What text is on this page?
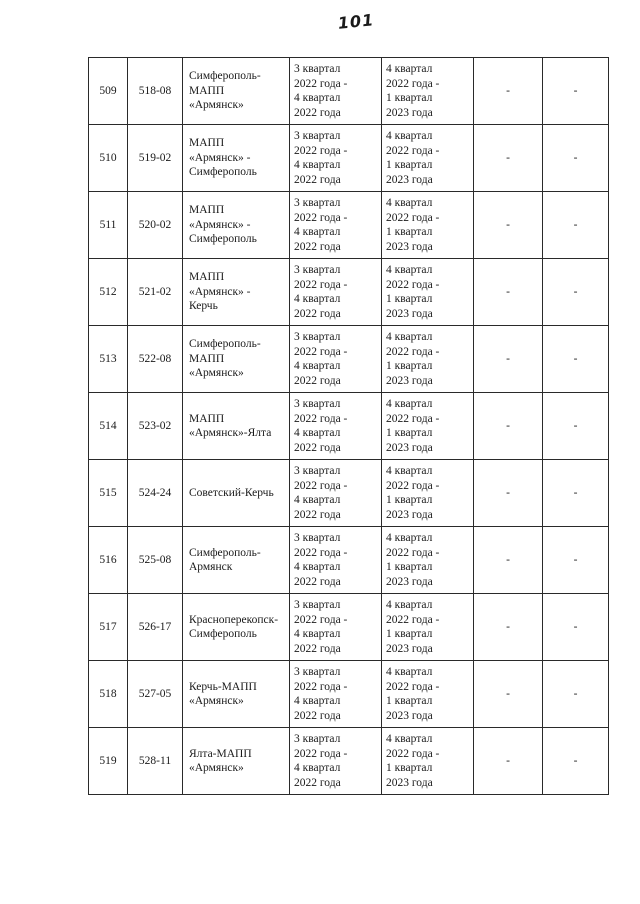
101
509	518-08	Симферополь-
МАПП
«Армянск»	3 квартал
2022 года -
4 квартал
2022 года	4 квартал
2022 года -
1 квартал
2023 года	-	-
510	519-02	МАПП
«Армянск» -
Симферополь	3 квартал
2022 года -
4 квартал
2022 года	4 квартал
2022 года -
1 квартал
2023 года	-	-
511	520-02	МАПП
«Армянск» -
Симферополь	3 квартал
2022 года -
4 квартал
2022 года	4 квартал
2022 года -
1 квартал
2023 года	-	-
512	521-02	МАПП
«Армянск» -
Керчь	3 квартал
2022 года -
4 квартал
2022 года	4 квартал
2022 года -
1 квартал
2023 года	-	-
513	522-08	Симферополь-
МАПП
«Армянск»	3 квартал
2022 года -
4 квартал
2022 года	4 квартал
2022 года -
1 квартал
2023 года	-	-
514	523-02	МАПП
«Армянск»-Ялта	3 квартал
2022 года -
4 квартал
2022 года	4 квартал
2022 года -
1 квартал
2023 года	-	-
515	524-24	Советский-Керчь	3 квартал
2022 года -
4 квартал
2022 года	4 квартал
2022 года -
1 квартал
2023 года	-	-
516	525-08	Симферополь-
Армянск	3 квартал
2022 года -
4 квартал
2022 года	4 квартал
2022 года -
1 квартал
2023 года	-	-
517	526-17	Красноперекопск-
Симферополь	3 квартал
2022 года -
4 квартал
2022 года	4 квартал
2022 года -
1 квартал
2023 года	-	-
518	527-05	Керчь-МАПП
«Армянск»	3 квартал
2022 года -
4 квартал
2022 года	4 квартал
2022 года -
1 квартал
2023 года	-	-
519	528-11	Ялта-МАПП
«Армянск»	3 квартал
2022 года -
4 квартал
2022 года	4 квартал
2022 года -
1 квартал
2023 года	-	-
